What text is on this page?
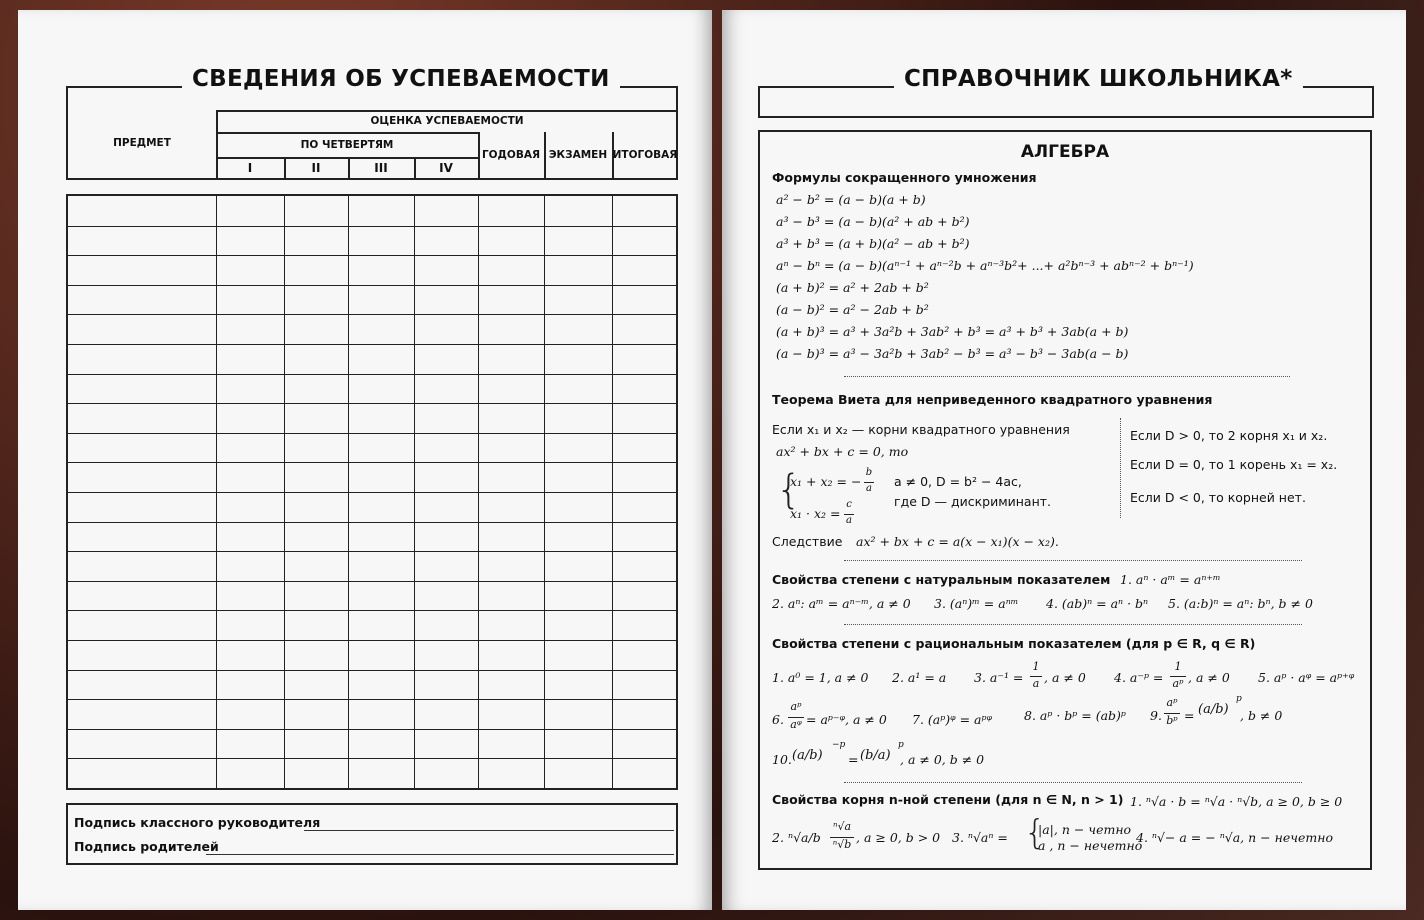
СВЕДЕНИЯ ОБ УСПЕВАЕМОСТИ
ПРЕДМЕТ
ОЦЕНКА УСПЕВАЕМОСТИ
ПО ЧЕТВЕРТЯМ
I	II	III	IV
ГОДОВАЯ ЭКЗАМЕН ИТОГОВАЯ
Подпись классного руководителя
Подпись родителей
СПРАВОЧНИК ШКОЛЬНИКА*
АЛГЕБРА
Формулы сокращенного умножения
a² − b² = (a − b)(a + b)
a³ − b³ = (a − b)(a² + ab + b²)
a³ + b³ = (a + b)(a² − ab + b²)
aⁿ − bⁿ = (a − b)(aⁿ⁻¹ + aⁿ⁻²b + aⁿ⁻³b²+ ...+ a²bⁿ⁻³ + abⁿ⁻² + bⁿ⁻¹)
(a + b)² = a² + 2ab + b²
(a − b)² = a² − 2ab + b²
(a + b)³ = a³ + 3a²b + 3ab² + b³ = a³ + b³ + 3ab(a + b)
(a − b)³ = a³ − 3a²b + 3ab² − b³ = a³ − b³ − 3ab(a − b)
Теорема Виета для неприведенного квадратного уравнения
Если x₁ и x₂ — корни квадратного уравнения
ax² + bx + c = 0, то
{
x₁ + x₂ = −
b
a
x₁ · x₂ =
c
a
a ≠ 0, D = b² − 4ac,
где D — дискриминант.
Следствие ax² + bx + c = a(x − x₁)(x − x₂).
Если D > 0, то 2 корня x₁ и x₂.
Если D = 0, то 1 корень x₁ = x₂.
Если D < 0, то корней нет.
Свойства степени с натуральным показателем 1. aⁿ · aᵐ = aⁿ⁺ᵐ
2. aⁿ: aᵐ = aⁿ⁻ᵐ, a ≠ 0 3. (aⁿ)ᵐ = aⁿᵐ 4. (ab)ⁿ = aⁿ · bⁿ 5. (a:b)ⁿ = aⁿ: bⁿ, b ≠ 0
Свойства степени с рациональным показателем (для p ∈ R, q ∈ R)
1. a⁰ = 1, a ≠ 0 2. a¹ = a 3. a⁻¹ =
1
a , a ≠ 0 4. a⁻ᵖ =
1
aᵖ , a ≠ 0 5. aᵖ · aᵠ = aᵖ⁺ᵠ
6.
aᵖ
aᵠ = aᵖ⁻ᵠ, a ≠ 0 7. (aᵖ)ᵠ = aᵖᵠ	8. aᵖ · bᵖ = (ab)ᵖ 9.
aᵖ
bᵖ = (a/b)
p
, b ≠ 0
10. (a/b)
−p
= (b/a)
p
, a ≠ 0, b ≠ 0
Свойства корня n-ной степени (для n ∈ N, n > 1) 1. ⁿ√a · b = ⁿ√a · ⁿ√b, a ≥ 0, b ≥ 0
2. ⁿ√a/b
ⁿ√a
ⁿ√b , a ≥ 0, b > 0 3. ⁿ√aⁿ = {
|a|, n − четно
a , n − нечетно
4. ⁿ√− a = − ⁿ√a, n − нечетно
